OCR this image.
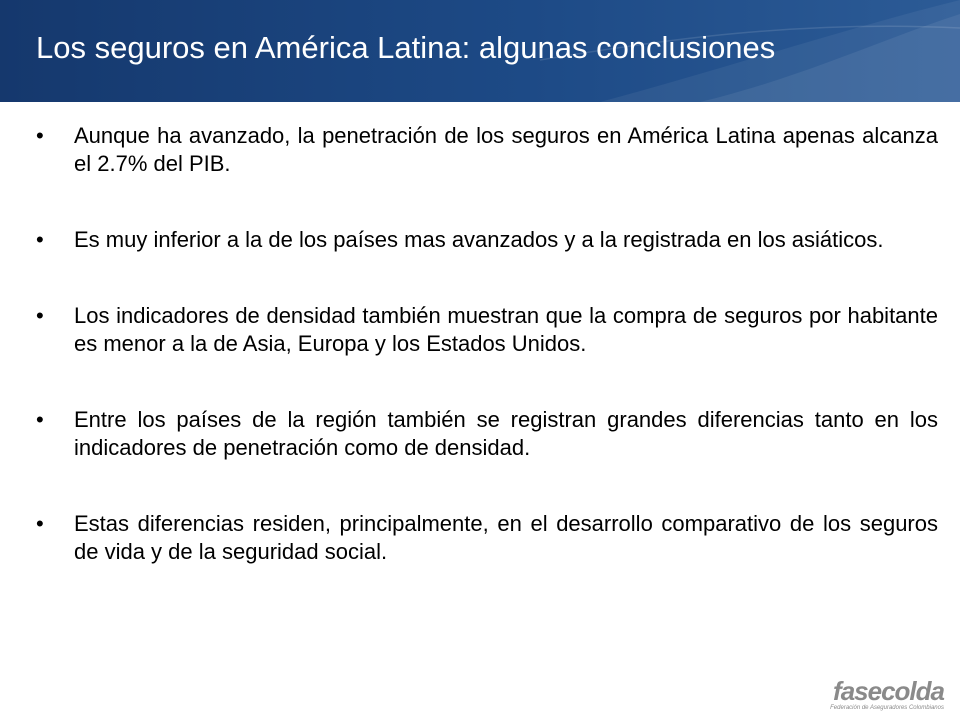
Los seguros en América Latina: algunas conclusiones
•	Aunque ha avanzado, la penetración de los seguros en América Latina apenas alcanza el 2.7% del PIB.
•	Es muy inferior a la de los países mas avanzados y a la registrada en los asiáticos.
•	Los indicadores de densidad también muestran que la compra de seguros por habitante es menor a la de Asia, Europa y los Estados Unidos.
•	Entre los países de la región también se registran grandes diferencias tanto en los indicadores de penetración como de densidad.
•	Estas diferencias residen, principalmente, en el desarrollo comparativo de los seguros de vida y de la seguridad social.
fasecolda
Federación de Aseguradores Colombianos
